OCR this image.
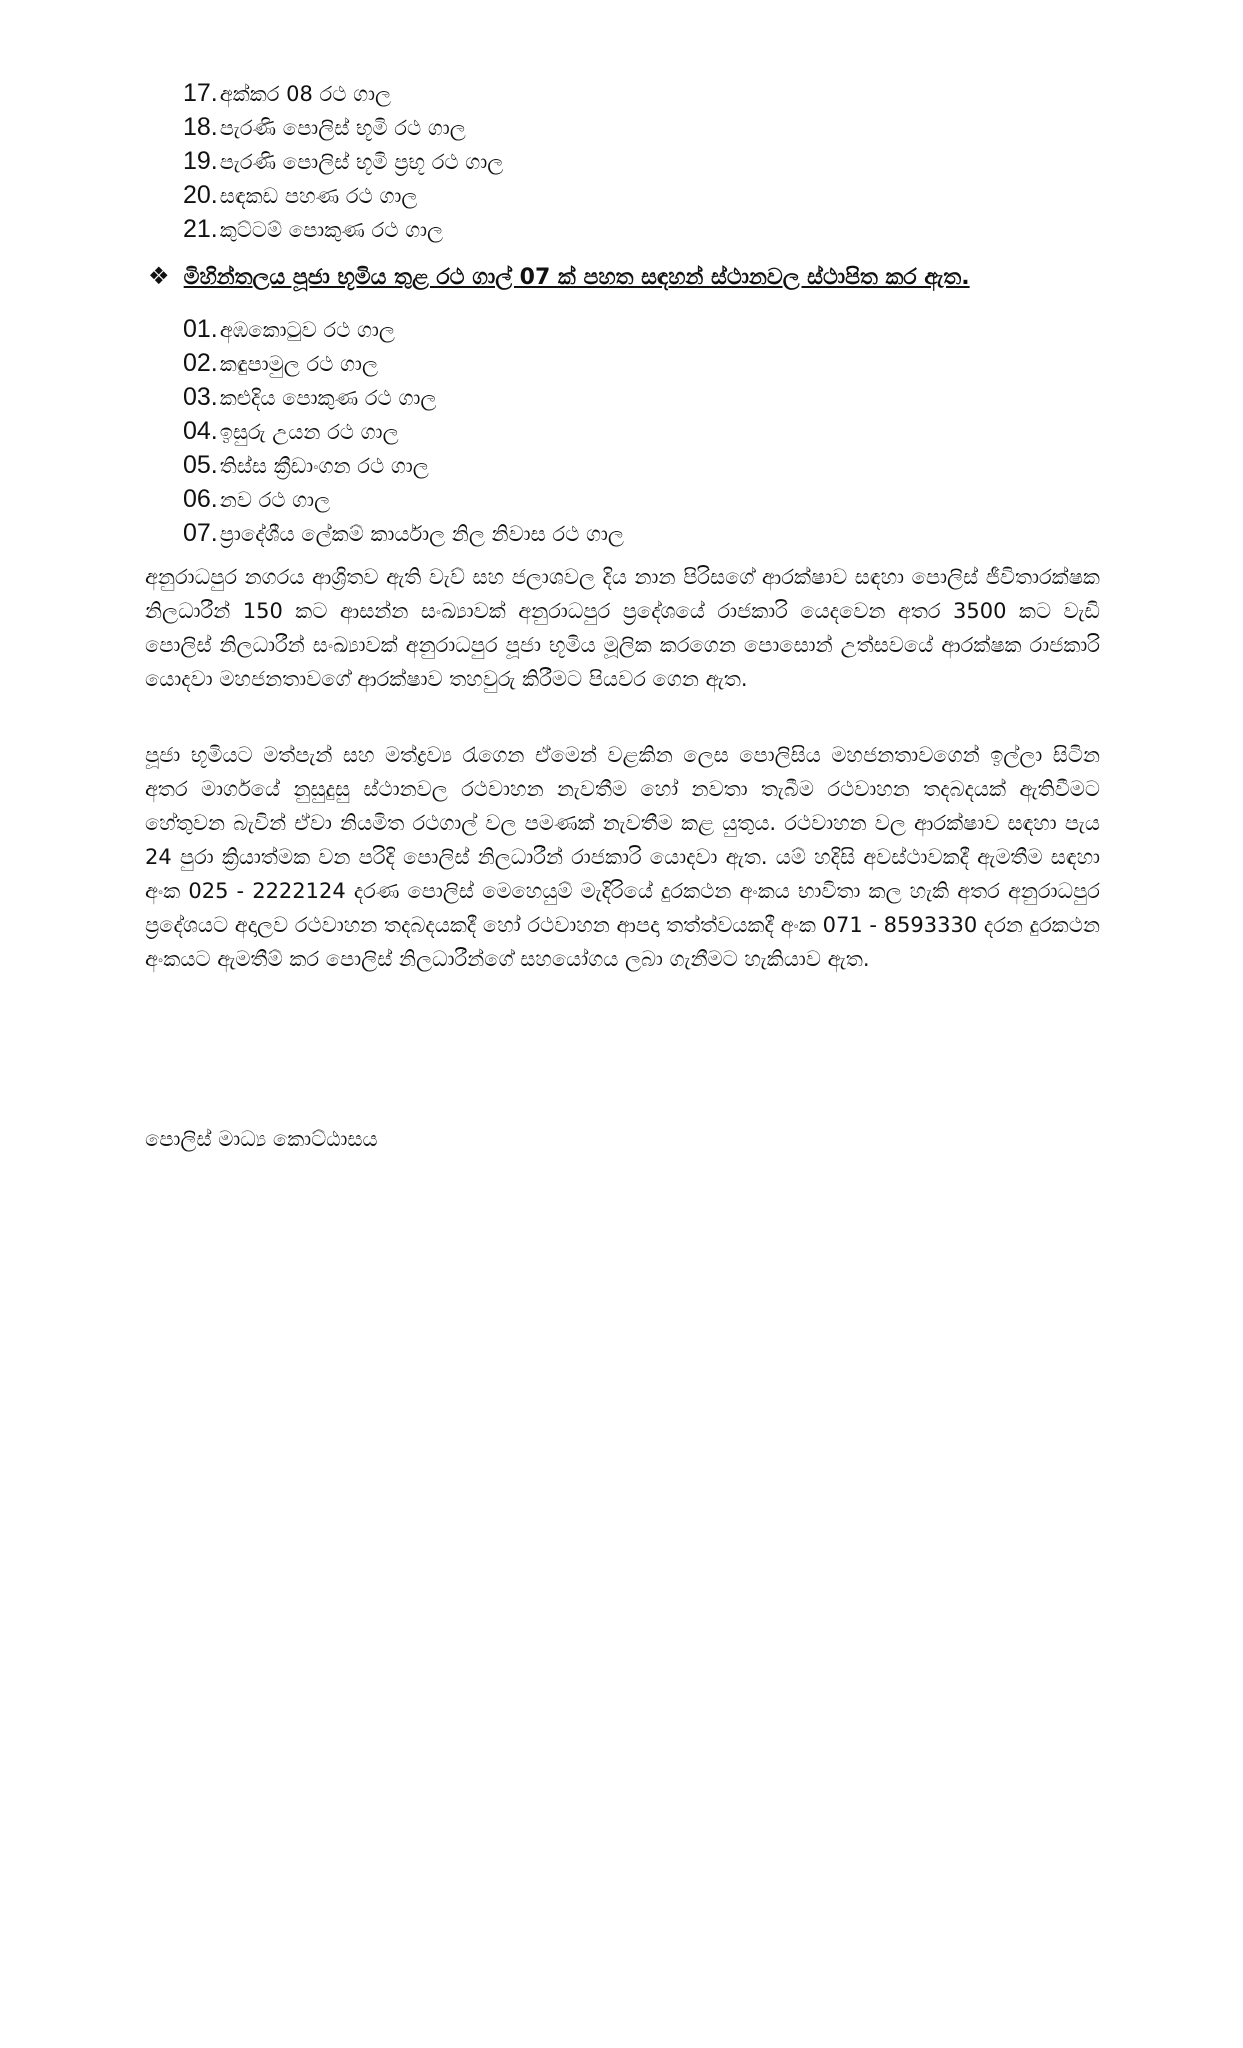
17.අක්කර 08 රථ ගාල
18.පැරණි පොලිස් භූමි රථ ගාල
19.පැරණි පොලිස් භූමි ප්‍රභූ රථ ගාල
20.සඳකඩ පහණ රථ ගාල
21.කුට්ටම් පොකුණ රථ ගාල
❖ මිහින්තලය පූජා භූමිය තුළ රථ ගාල් 07 ක් පහත සඳහන් ස්ථානවල ස්ථාපිත කර ඇත.
01.අඹකොටුව රථ ගාල
02.කඳුපාමුල රථ ගාල
03.කළුදිය පොකුණ රථ ගාල
04.ඉසුරු උයන රථ ගාල
05.තිස්ස ක්‍රීඩාංගන රථ ගාල
06.නව රථ ගාල
07.ප්‍රාදේශීය ලේකම් කාර්යාල නිල නිවාස රථ ගාල

අනුරාධපුර නගරය ආශ්‍රිතව ඇති වැව් සහ ජලාශවල දිය නාන පිරිසගේ ආරක්ෂාව සඳහා පොලිස් ජීවිතාරක්ෂක නිලධාරීන් 150 කට ආසන්න සංඛ්‍යාවක් අනුරාධපුර ප්‍රදේශයේ රාජකාරි යෙදවෙන අතර 3500 කට වැඩි පොලිස් නිලධාරීන් සංඛ්‍යාවක් අනුරාධපුර පූජා භූමිය මූලික කරගෙන පොසොන් උත්සවයේ ආරක්ෂක රාජකාරි යොදවා මහජනතාවගේ ආරක්ෂාව තහවුරු කිරීමට පියවර ගෙන ඇත.

පූජා භූමියට මත්පැන් සහ මත්ද්‍රව්‍ය රැගෙන ඒමෙන් වළකින ලෙස පොලිසිය මහජනතාවගෙන් ඉල්ලා සිටින අතර මාර්ගයේ නුසුදුසු ස්ථානවල රථවාහන නැවතීම හෝ නවතා තැබීම රථවාහන තදබදයක් ඇතිවීමට හේතුවන බැවින් ඒවා නියමිත රථගාල් වල පමණක් නැවතීම කළ යුතුය. රථවාහන වල ආරක්ෂාව සඳහා පැය 24 පුරා ක්‍රියාත්මක වන පරිදි පොලිස් නිලධාරීන් රාජකාරි යොදවා ඇත. යම් හදිසි අවස්ථාවකදී ඇමතීම සඳහා අංක 025 - 2222124 දරණ පොලිස් මෙහෙයුම් මැදිරියේ දුරකථන අංකය භාවිතා කල හැකි අතර අනුරාධපුර ප්‍රදේශයට අදාලව රථවාහන තදබදයකදී හෝ රථවාහන ආපදා තත්ත්වයකදී අංක 071 - 8593330 දරන දුරකථන අංකයට ඇමතීම් කර පොලිස් නිලධාරීන්ගේ සහයෝගය ලබා ගැනීමට හැකියාව ඇත.

පොලිස් මාධ්‍ය කොට්ඨාසය
